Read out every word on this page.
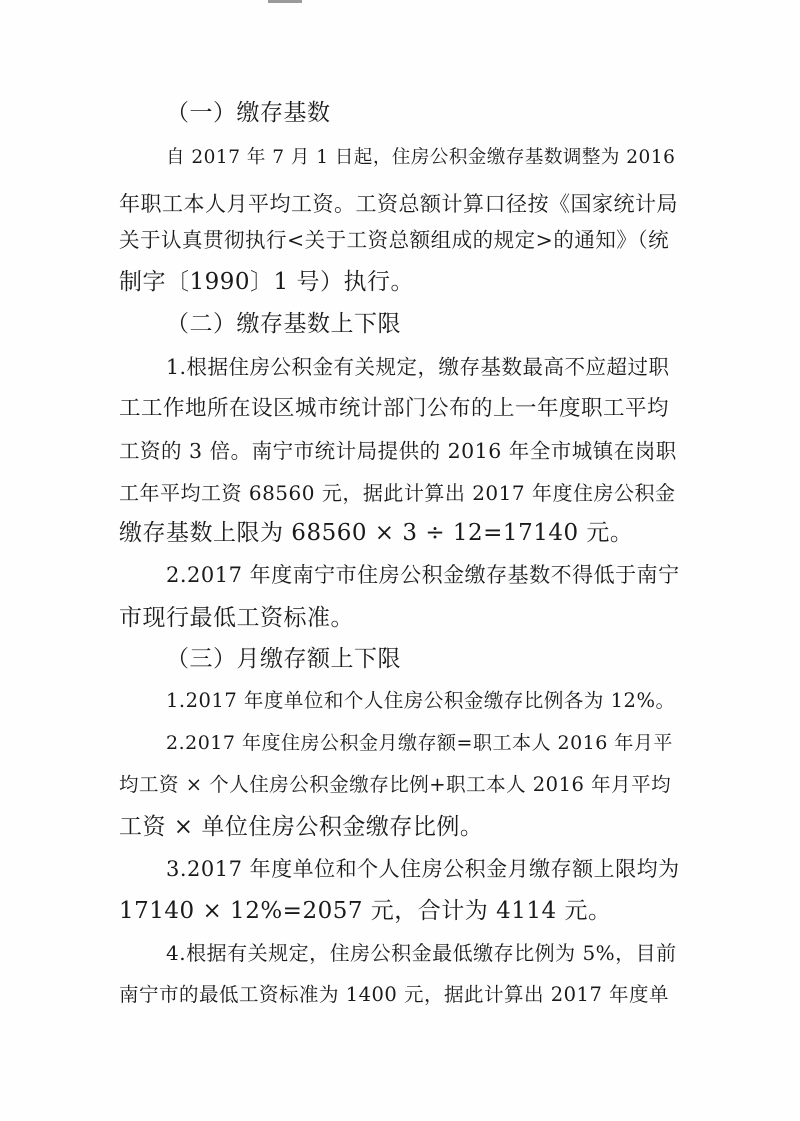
（一）缴存基数
自 2017 年 7 月 1 日起，住房公积金缴存基数调整为 2016
年职工本人月平均工资。工资总额计算口径按《国家统计局
关于认真贯彻执行<关于工资总额组成的规定>的通知》（统
制字〔1990〕1 号）执行。
（二）缴存基数上下限
1.根据住房公积金有关规定，缴存基数最高不应超过职
工工作地所在设区城市统计部门公布的上一年度职工平均
工资的 3 倍。南宁市统计局提供的 2016 年全市城镇在岗职
工年平均工资 68560 元，据此计算出 2017 年度住房公积金
缴存基数上限为 68560 × 3 ÷ 12=17140 元。
2.2017 年度南宁市住房公积金缴存基数不得低于南宁
市现行最低工资标准。
（三）月缴存额上下限
1.2017 年度单位和个人住房公积金缴存比例各为 12%。
2.2017 年度住房公积金月缴存额=职工本人 2016 年月平
均工资 × 个人住房公积金缴存比例+职工本人 2016 年月平均
工资 × 单位住房公积金缴存比例。
3.2017 年度单位和个人住房公积金月缴存额上限均为
17140 × 12%=2057 元，合计为 4114 元。
4.根据有关规定，住房公积金最低缴存比例为 5%，目前
南宁市的最低工资标准为 1400 元，据此计算出 2017 年度单
